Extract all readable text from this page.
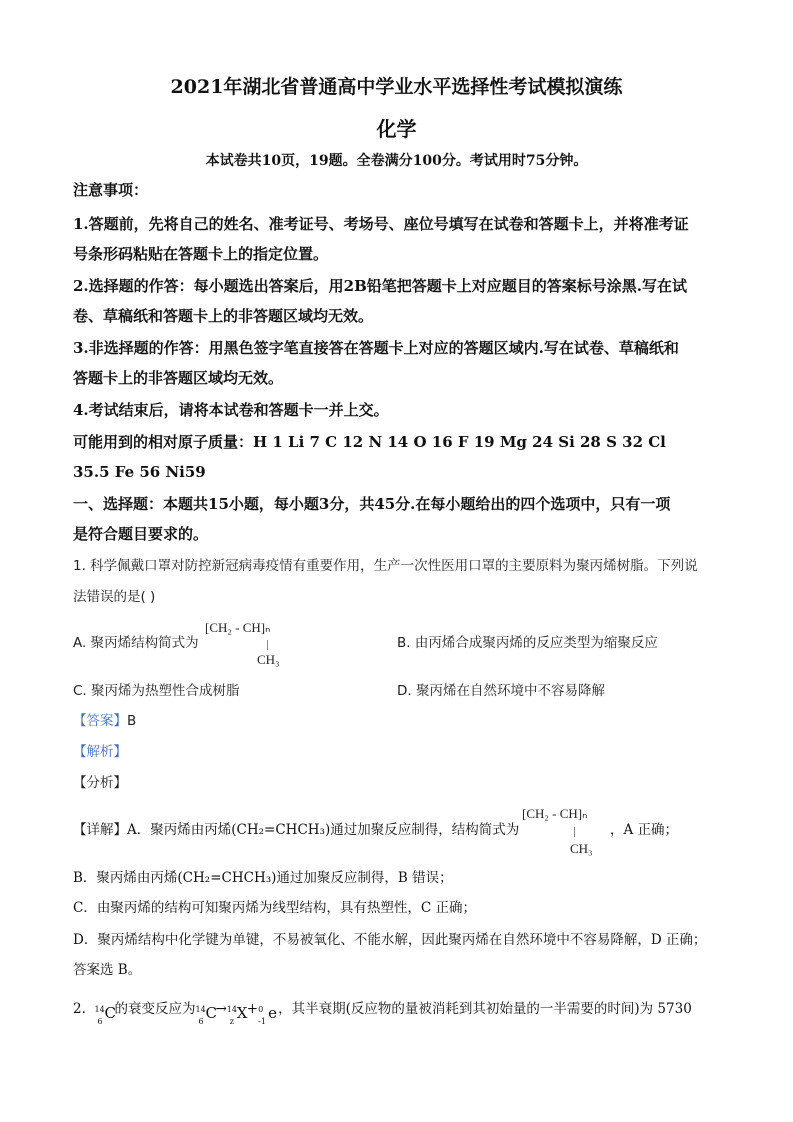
2021年湖北省普通高中学业水平选择性考试模拟演练
化学
本试卷共10页，19题。全卷满分100分。考试用时75分钟。
注意事项：
1.答题前，先将自己的姓名、准考证号、考场号、座位号填写在试卷和答题卡上，并将准考证
号条形码粘贴在答题卡上的指定位置。
2.选择题的作答：每小题选出答案后，用2B铅笔把答题卡上对应题目的答案标号涂黑.写在试
卷、草稿纸和答题卡上的非答题区域均无效。
3.非选择题的作答：用黑色签字笔直接答在答题卡上对应的答题区域内.写在试卷、草稿纸和
答题卡上的非答题区域均无效。
4.考试结束后，请将本试卷和答题卡一并上交。
可能用到的相对原子质量：H 1 Li 7 C 12 N 14 O 16 F 19 Mg 24 Si 28 S 32 Cl
35.5 Fe 56 Ni59
一、选择题：本题共15小题，每小题3分，共45分.在每小题给出的四个选项中，只有一项
是符合题目要求的。
1. 科学佩戴口罩对防控新冠病毒疫情有重要作用，生产一次性医用口罩的主要原料为聚丙烯树脂。下列说
法错误的是( )
A. 聚丙烯结构简式为
[CH₂ - CH]ₙ
CH₃
B. 由丙烯合成聚丙烯的反应类型为缩聚反应
C. 聚丙烯为热塑性合成树脂	D. 聚丙烯在自然环境中不容易降解
【答案】B
【解析】
【分析】
【详解】A．聚丙烯由丙烯(CH₂=CHCH₃)通过加聚反应制得，结构简式为
[CH₂ - CH]ₙ
CH₃
，A 正确；
B．聚丙烯由丙烯(CH₂=CHCH₃)通过加聚反应制得，B 错误；
C．由聚丙烯的结构可知聚丙烯为线型结构，具有热塑性，C 正确；
D．聚丙烯结构中化学键为单键，不易被氧化、不能水解，因此聚丙烯在自然环境中不容易降解，D 正确；
答案选 B。
2. 14
6 C
的衰变反应为 14
6 C
→ 14
z X + 0
-1 e ，其半衰期(反应物的量被消耗到其初始量的一半需要的时间)为 5730
